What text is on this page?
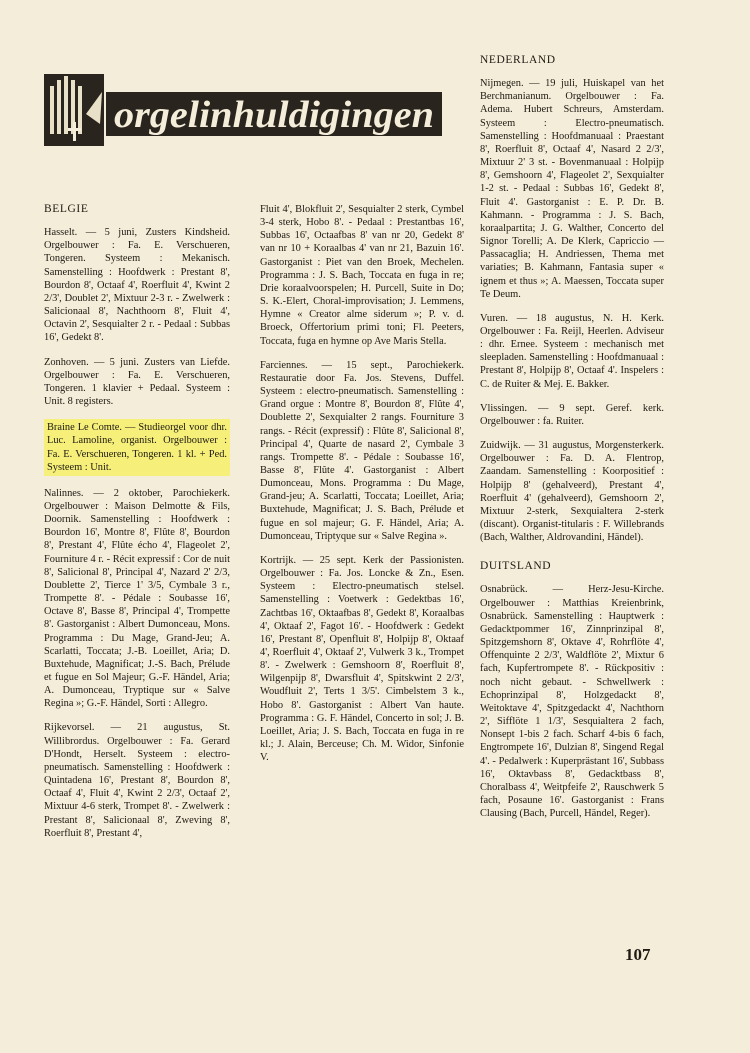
orgelinhuldigingen
BELGIE

Hasselt. — 5 juni, Zusters Kindsheid. Orgelbouwer : Fa. E. Verschueren, Tongeren. Systeem : Mekanisch. Samenstelling : Hoofdwerk : Prestant 8', Bourdon 8', Octaaf 4', Roerfluit 4', Kwint 2 2/3', Doublet 2', Mixtuur 2-3 r. - Zwelwerk : Salicionaal 8', Nachthoorn 8', Fluit 4', Octavin 2', Sesquialter 2 r. - Pedaal : Subbas 16', Gedekt 8'.

Zonhoven. — 5 juni. Zusters van Liefde. Orgelbouwer : Fa. E. Verschueren, Tongeren. 1 klavier + Pedaal. Systeem : Unit. 8 registers.

Braine Le Comte. — Studieorgel voor dhr. Luc. Lamoline, organist. Orgelbouwer : Fa. E. Verschueren, Tongeren. 1 kl. + Ped. Systeem : Unit.

Nalinnes. — 2 oktober, Parochiekerk. Orgelbouwer : Maison Delmotte & Fils, Doornik. Samenstelling : Hoofdwerk : Bourdon 16', Montre 8', Flûte 8', Bourdon 8', Prestant 4', Flûte écho 4', Flageolet 2', Fourniture 4 r. - Récit expressif : Cor de nuit 8', Salicional 8', Principal 4', Nazard 2' 2/3, Doublette 2', Tierce 1' 3/5, Cymbale 3 r., Trompette 8'. - Pédale : Soubasse 16', Octave 8', Basse 8', Principal 4', Trompette 8'. Gastorganist : Albert Dumonceau, Mons. Programma : Du Mage, Grand-Jeu; A. Scarlatti, Toccata; J.-B. Loeillet, Aria; D. Buxtehude, Magnificat; J.-S. Bach, Prélude et fugue en Sol Majeur; G.-F. Händel, Aria; A. Dumonceau, Tryptique sur « Salve Regina »; G.-F. Händel, Sorti : Allegro.

Rijkevorsel. — 21 augustus, St. Willibrordus. Orgelbouwer : Fa. Gerard D'Hondt, Herselt. Systeem : electro-pneumatisch. Samenstelling : Hoofdwerk : Quintadena 16', Prestant 8', Bourdon 8', Octaaf 4', Fluit 4', Kwint 2 2/3', Octaaf 2', Mixtuur 4-6 sterk, Trompet 8'. - Zwelwerk : Prestant 8', Salicionaal 8', Zweving 8', Roerfluit 8', Prestant 4',

Fluit 4', Blokfluit 2', Sesquialter 2 sterk, Cymbel 3-4 sterk, Hobo 8'. - Pedaal : Prestantbas 16', Subbas 16', Octaafbas 8' van nr 20, Gedekt 8' van nr 10 + Koraalbas 4' van nr 21, Bazuin 16'. Gastorganist : Piet van den Broek, Mechelen. Programma : J. S. Bach, Toccata en fuga in re; Drie koraalvoorspelen; H. Purcell, Suite in Do; S. K.-Elert, Choral-improvisation; J. Lemmens, Hymne « Creator alme siderum »; P. v. d. Broeck, Offertorium primi toni; Fl. Peeters, Toccata, fuga en hymne op Ave Maris Stella.

Farciennes. — 15 sept., Parochiekerk. Restauratie door Fa. Jos. Stevens, Duffel. Systeem : electro-pneumatisch. Samenstelling : Grand orgue : Montre 8', Bourdon 8', Flûte 4', Doublette 2', Sexquialter 2 rangs. Fourniture 3 rangs. - Récit (expressif) : Flûte 8', Salicional 8', Principal 4', Quarte de nasard 2', Cymbale 3 rangs. Trompette 8'. - Pédale : Soubasse 16', Basse 8', Flûte 4'. Gastorganist : Albert Dumonceau, Mons. Programma : Du Mage, Grand-jeu; A. Scarlatti, Toccata; Loeillet, Aria; Buxtehude, Magnificat; J. S. Bach, Prélude et fugue en sol majeur; G. F. Händel, Aria; A. Dumonceau, Triptyque sur « Salve Regina ».

Kortrijk. — 25 sept. Kerk der Passionisten. Orgelbouwer : Fa. Jos. Loncke & Zn., Esen. Systeem : Electro-pneumatisch stelsel. Samenstelling : Voetwerk : Gedektbas 16', Zachtbas 16', Oktaafbas 8', Gedekt 8', Koraalbas 4', Oktaaf 2', Fagot 16'. - Hoofdwerk : Gedekt 16', Prestant 8', Openfluit 8', Holpijp 8', Oktaaf 4', Roerfluit 4', Oktaaf 2', Vulwerk 3 k., Trompet 8'. - Zwelwerk : Gemshoorn 8', Roerfluit 8', Wilgenpijp 8', Dwarsfluit 4', Spitskwint 2 2/3', Woudfluit 2', Terts 1 3/5'. Cimbelstem 3 k., Hobo 8'. Gastorganist : Albert Van haute. Programma : G. F. Händel, Concerto in sol; J. B. Loeillet, Aria; J. S. Bach, Toccata en fuga in re kl.; J. Alain, Berceuse; Ch. M. Widor, Sinfonie V.

NEDERLAND

Nijmegen. — 19 juli, Huiskapel van het Berchmanianum. Orgelbouwer : Fa. Adema. Hubert Schreurs, Amsterdam. Systeem : Electro-pneumatisch. Samenstelling : Hoofdmanuaal : Praestant 8', Roerfluit 8', Octaaf 4', Nasard 2 2/3', Mixtuur 2' 3 st. - Bovenmanuaal : Holpijp 8', Gemshoorn 4', Flageolet 2', Sexquialter 1-2 st. - Pedaal : Subbas 16', Gedekt 8', Fluit 4'. Gastorganist : E. P. Dr. B. Kahmann. - Programma : J. S. Bach, koraalpartita; J. G. Walther, Concerto del Signor Torelli; A. De Klerk, Capriccio — Passacaglia; H. Andriessen, Thema met variaties; B. Kahmann, Fantasia super « ignem et thus »; A. Maessen, Toccata super Te Deum.

Vuren. — 18 augustus, N. H. Kerk. Orgelbouwer : Fa. Reijl, Heerlen. Adviseur : dhr. Ernee. Systeem : mechanisch met sleepladen. Samenstelling : Hoofdmanuaal : Prestant 8', Holpijp 8', Octaaf 4'. Inspelers : C. de Ruiter & Mej. E. Bakker.

Vlissingen. — 9 sept. Geref. kerk. Orgelbouwer : fa. Ruiter.

Zuidwijk. — 31 augustus, Morgensterkerk. Orgelbouwer : Fa. D. A. Flentrop, Zaandam. Samenstelling : Koorpositief : Holpijp 8' (gehalveerd), Prestant 4', Roerfluit 4' (gehalveerd), Gemshoorn 2', Mixtuur 2-sterk, Sexquialtera 2-sterk (discant). Organist-titularis : F. Willebrands (Bach, Walther, Aldrovandini, Händel).

DUITSLAND

Osnabrück. — Herz-Jesu-Kirche. Orgelbouwer : Matthias Kreienbrink, Osnabrück. Samenstelling : Hauptwerk : Gedacktpommer 16', Zinnprinzipal 8', Spitzgemshorn 8', Oktave 4', Rohrflöte 4', Offenquinte 2 2/3', Waldflöte 2', Mixtur 6 fach, Kupfertrompete 8'. - Rückpositiv : noch nicht gebaut. - Schwellwerk : Echoprinzipal 8', Holzgedackt 8', Weitoktave 4', Spitzgedackt 4', Nachthorn 2', Sifflöte 1 1/3', Sesquialtera 2 fach, Nonsept 1-bis 2 fach. Scharf 4-bis 6 fach, Engtrompete 16', Dulzian 8', Singend Regal 4'. - Pedalwerk : Kuperprästant 16', Subbass 16', Oktavbass 8', Gedacktbass 8', Choralbass 4', Weitpfeife 2', Rauschwerk 5 fach, Posaune 16'. Gastorganist : Frans Clausing (Bach, Purcell, Händel, Reger).

107
